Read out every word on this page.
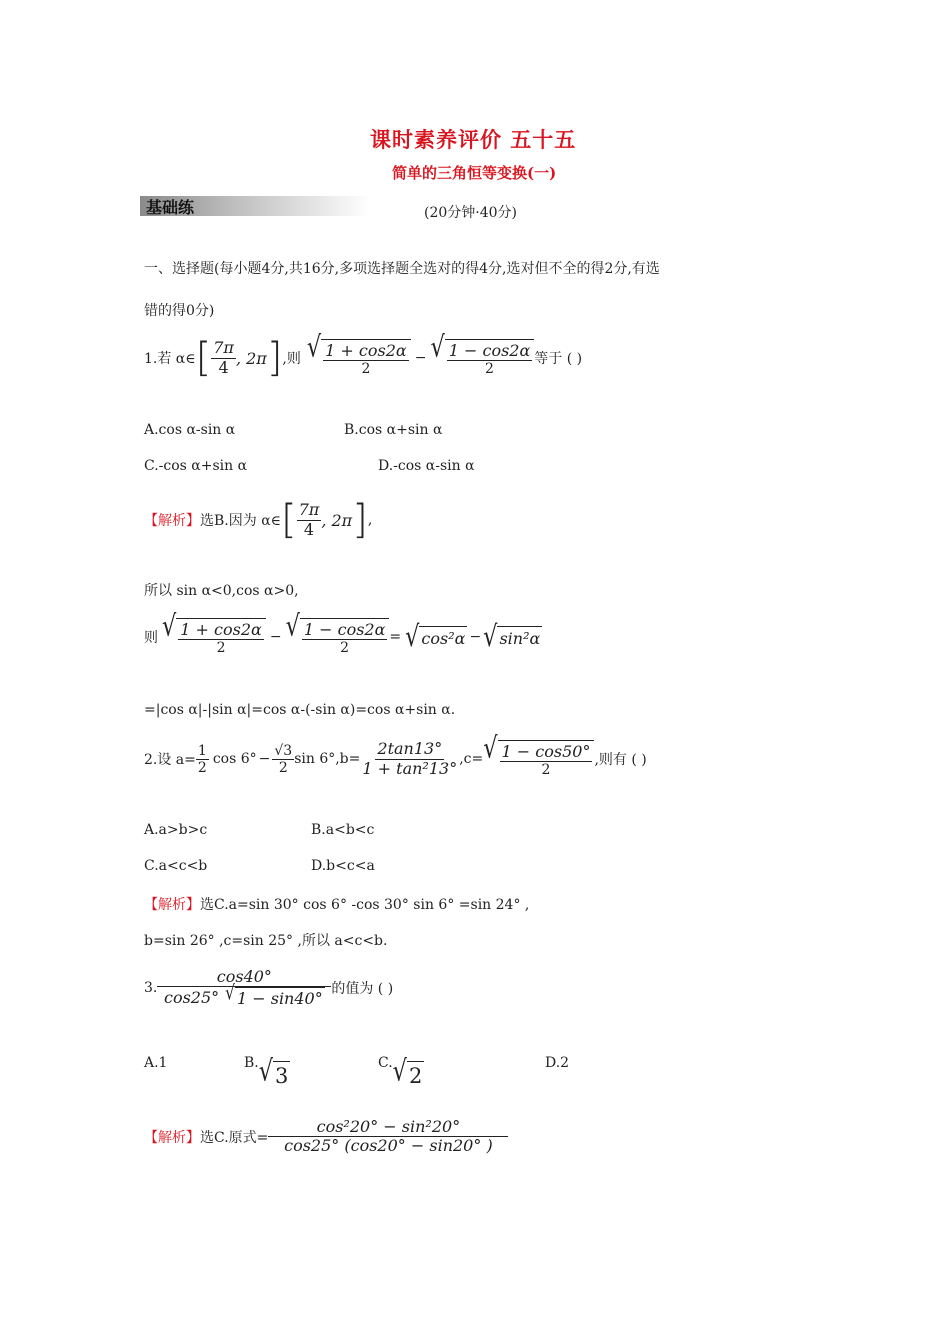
课时素养评价 五十五
简单的三角恒等变换(一)
基础练	(20分钟·40分)
一、选择题(每小题4分,共16分,多项选择题全选对的得4分,选对但不全的得2分,有选
错的得0分)
1.若 α∈ [ $\frac{7\pi}{4}$ , 2π ] ,则 √ $\frac{1 + \cos 2\alpha}{2}$ − √ $\frac{1 - \cos 2\alpha}{2}$ 等于 ( )
A.cos α-sin α	B.cos α+sin α
C.-cos α+sin α	D.-cos α-sin α
【解析】 选B.因为 α∈ [ $\frac{7\pi}{4}$ , 2π ] ,
所以 sin α<0,cos α>0,
则 √ $\frac{1 + \cos 2\alpha}{2}$ − √ $\frac{1 - \cos 2\alpha}{2}$ = √ cos²α − √ sin²α
=|cos α|-|sin α|=cos α-(-sin α)=cos α+sin α.
2.设 $a= \frac{1}{2}$ $\cos 6^\circ - \frac{√3}{2}$ sin 6° $,b= \frac{2\tan 13^\circ}{\text{1 + tan²13°}} ,c=$ √ $\frac{1 - \cos 50^\circ}{2}$ ,则有 ( )
A.a>b>c	B.a<b<c
C.a<c<b	D.b<c<a
【解析】选C.a=sin 30° cos 6° -cos 30° sin 6° =sin 24° ,
b=sin 26° ,c=sin 25° ,所以 a<c<b.
3. $\frac{\cos 40^\circ}{\cos 25^\circ √ 1 - \sin 40^\circ}$ 的值为 ( )
A.1	B. √ 3
C. √ 2
D.2
【解析】 选C.原式= $\frac{\text{cos²20° − sin²20°}}{\cos 25^\circ (\cos 20^\circ - \sin 20^\circ )}$
